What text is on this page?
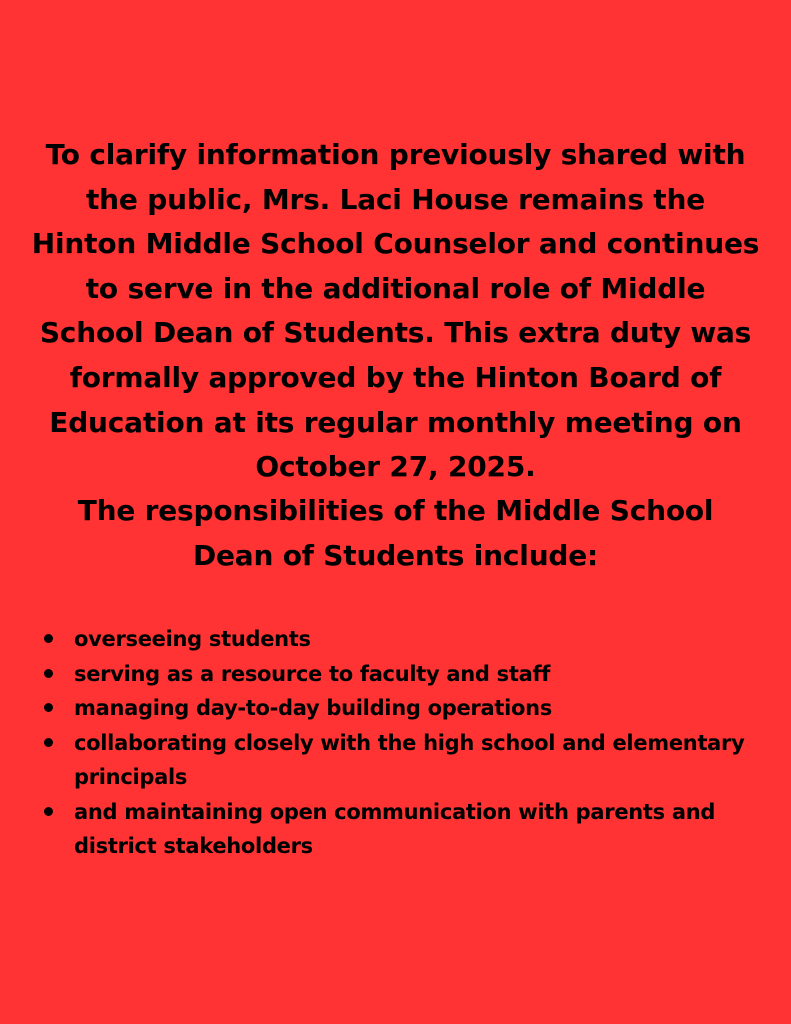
To clarify information previously shared with the public, Mrs. Laci House remains the Hinton Middle School Counselor and continues to serve in the additional role of Middle School Dean of Students. This extra duty was formally approved by the Hinton Board of Education at its regular monthly meeting on October 27, 2025.

The responsibilities of the Middle School Dean of Students include:

overseeing students
serving as a resource to faculty and staff
managing day-to-day building operations
collaborating closely with the high school and elementary principals
and maintaining open communication with parents and district stakeholders
